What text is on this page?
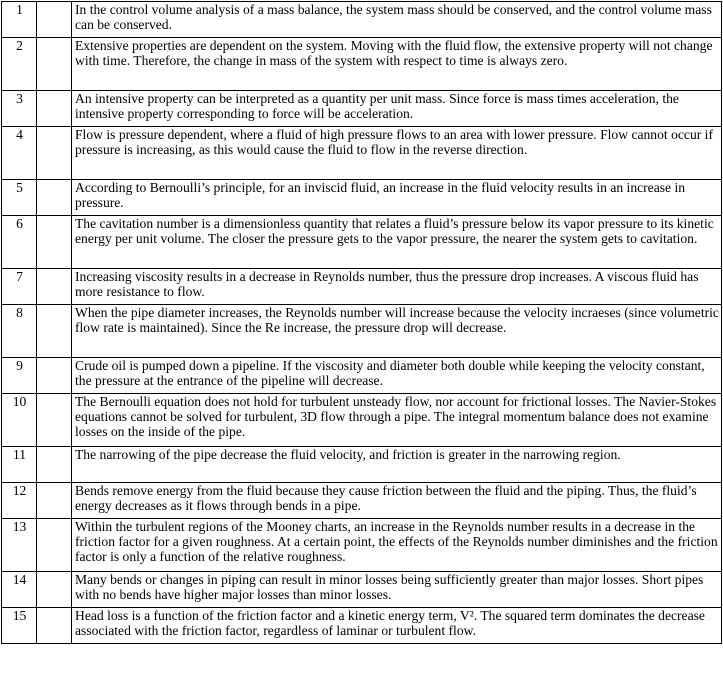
1		In the control volume analysis of a mass balance, the system mass should be conserved, and the control volume mass can be conserved.
2		Extensive properties are dependent on the system. Moving with the fluid flow, the extensive property will not change with time. Therefore, the change in mass of the system with respect to time is always zero.
3		An intensive property can be interpreted as a quantity per unit mass. Since force is mass times acceleration, the intensive property corresponding to force will be acceleration.
4		Flow is pressure dependent, where a fluid of high pressure flows to an area with lower pressure. Flow cannot occur if pressure is increasing, as this would cause the fluid to flow in the reverse direction.
5		According to Bernoulli’s principle, for an inviscid fluid, an increase in the fluid velocity results in an increase in pressure.
6		The cavitation number is a dimensionless quantity that relates a fluid’s pressure below its vapor pressure to its kinetic energy per unit volume. The closer the pressure gets to the vapor pressure, the nearer the system gets to cavitation.
7		Increasing viscosity results in a decrease in Reynolds number, thus the pressure drop increases. A viscous fluid has more resistance to flow.
8		When the pipe diameter increases, the Reynolds number will increase because the velocity incraeses (since volumetric flow rate is maintained). Since the Re increase, the pressure drop will decrease.
9		Crude oil is pumped down a pipeline. If the viscosity and diameter both double while keeping the velocity constant, the pressure at the entrance of the pipeline will decrease.
10		The Bernoulli equation does not hold for turbulent unsteady flow, nor account for frictional losses. The Navier-Stokes equations cannot be solved for turbulent, 3D flow through a pipe. The integral momentum balance does not examine losses on the inside of the pipe.
11		The narrowing of the pipe decrease the fluid velocity, and friction is greater in the narrowing region.
12		Bends remove energy from the fluid because they cause friction between the fluid and the piping. Thus, the fluid’s energy decreases as it flows through bends in a pipe.
13		Within the turbulent regions of the Mooney charts, an increase in the Reynolds number results in a decrease in the friction factor for a given roughness. At a certain point, the effects of the Reynolds number diminishes and the friction factor is only a function of the relative roughness.
14		Many bends or changes in piping can result in minor losses being sufficiently greater than major losses. Short pipes with no bends have higher major losses than minor losses.
15		Head loss is a function of the friction factor and a kinetic energy term, V². The squared term dominates the decrease associated with the friction factor, regardless of laminar or turbulent flow.
